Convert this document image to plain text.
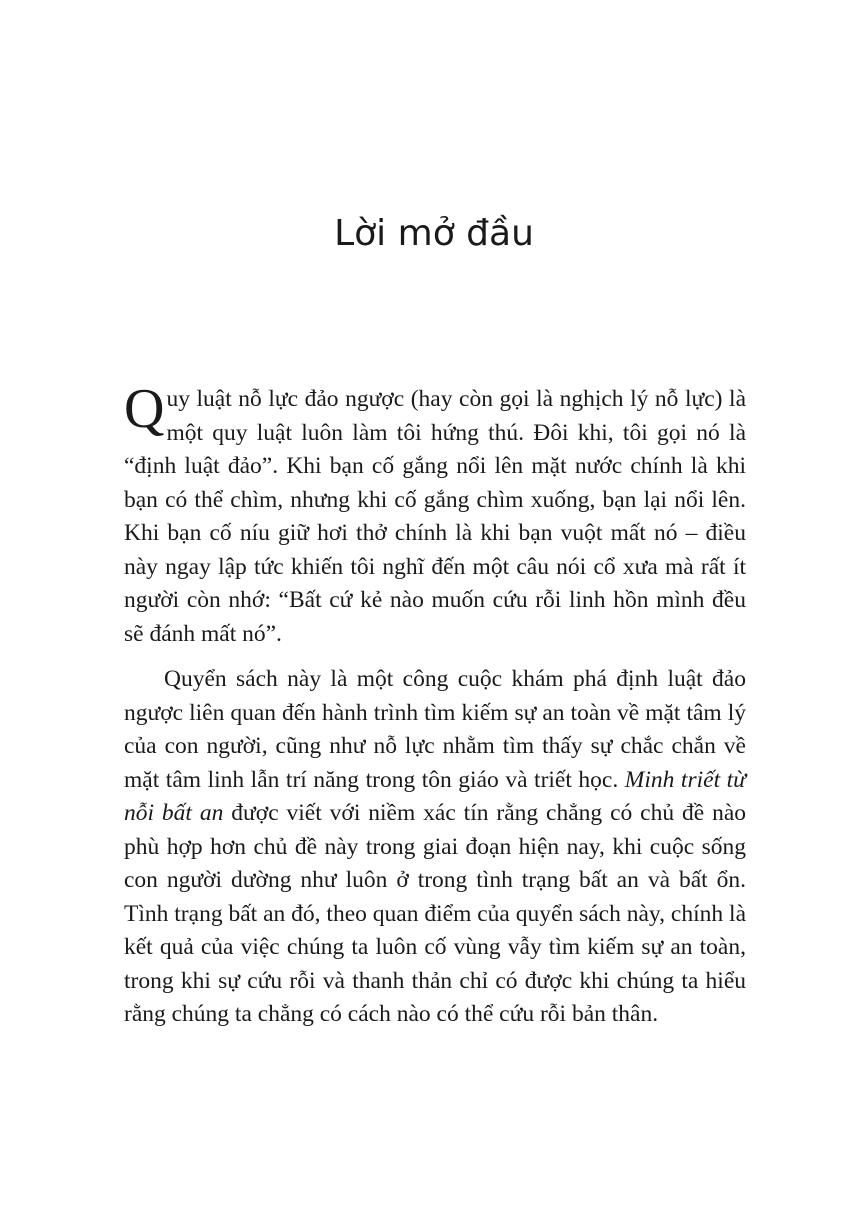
Lời mở đầu

Quy luật nỗ lực đảo ngược (hay còn gọi là nghịch lý nỗ lực) là một quy luật luôn làm tôi hứng thú. Đôi khi, tôi gọi nó là “định luật đảo”. Khi bạn cố gắng nổi lên mặt nước chính là khi bạn có thể chìm, nhưng khi cố gắng chìm xuống, bạn lại nổi lên. Khi bạn cố níu giữ hơi thở chính là khi bạn vuột mất nó – điều này ngay lập tức khiến tôi nghĩ đến một câu nói cổ xưa mà rất ít người còn nhớ: “Bất cứ kẻ nào muốn cứu rỗi linh hồn mình đều sẽ đánh mất nó”.

Quyển sách này là một công cuộc khám phá định luật đảo ngược liên quan đến hành trình tìm kiếm sự an toàn về mặt tâm lý của con người, cũng như nỗ lực nhằm tìm thấy sự chắc chắn về mặt tâm linh lẫn trí năng trong tôn giáo và triết học. Minh triết từ nỗi bất an được viết với niềm xác tín rằng chẳng có chủ đề nào phù hợp hơn chủ đề này trong giai đoạn hiện nay, khi cuộc sống con người dường như luôn ở trong tình trạng bất an và bất ổn. Tình trạng bất an đó, theo quan điểm của quyển sách này, chính là kết quả của việc chúng ta luôn cố vùng vẫy tìm kiếm sự an toàn, trong khi sự cứu rỗi và thanh thản chỉ có được khi chúng ta hiểu rằng chúng ta chẳng có cách nào có thể cứu rỗi bản thân.
